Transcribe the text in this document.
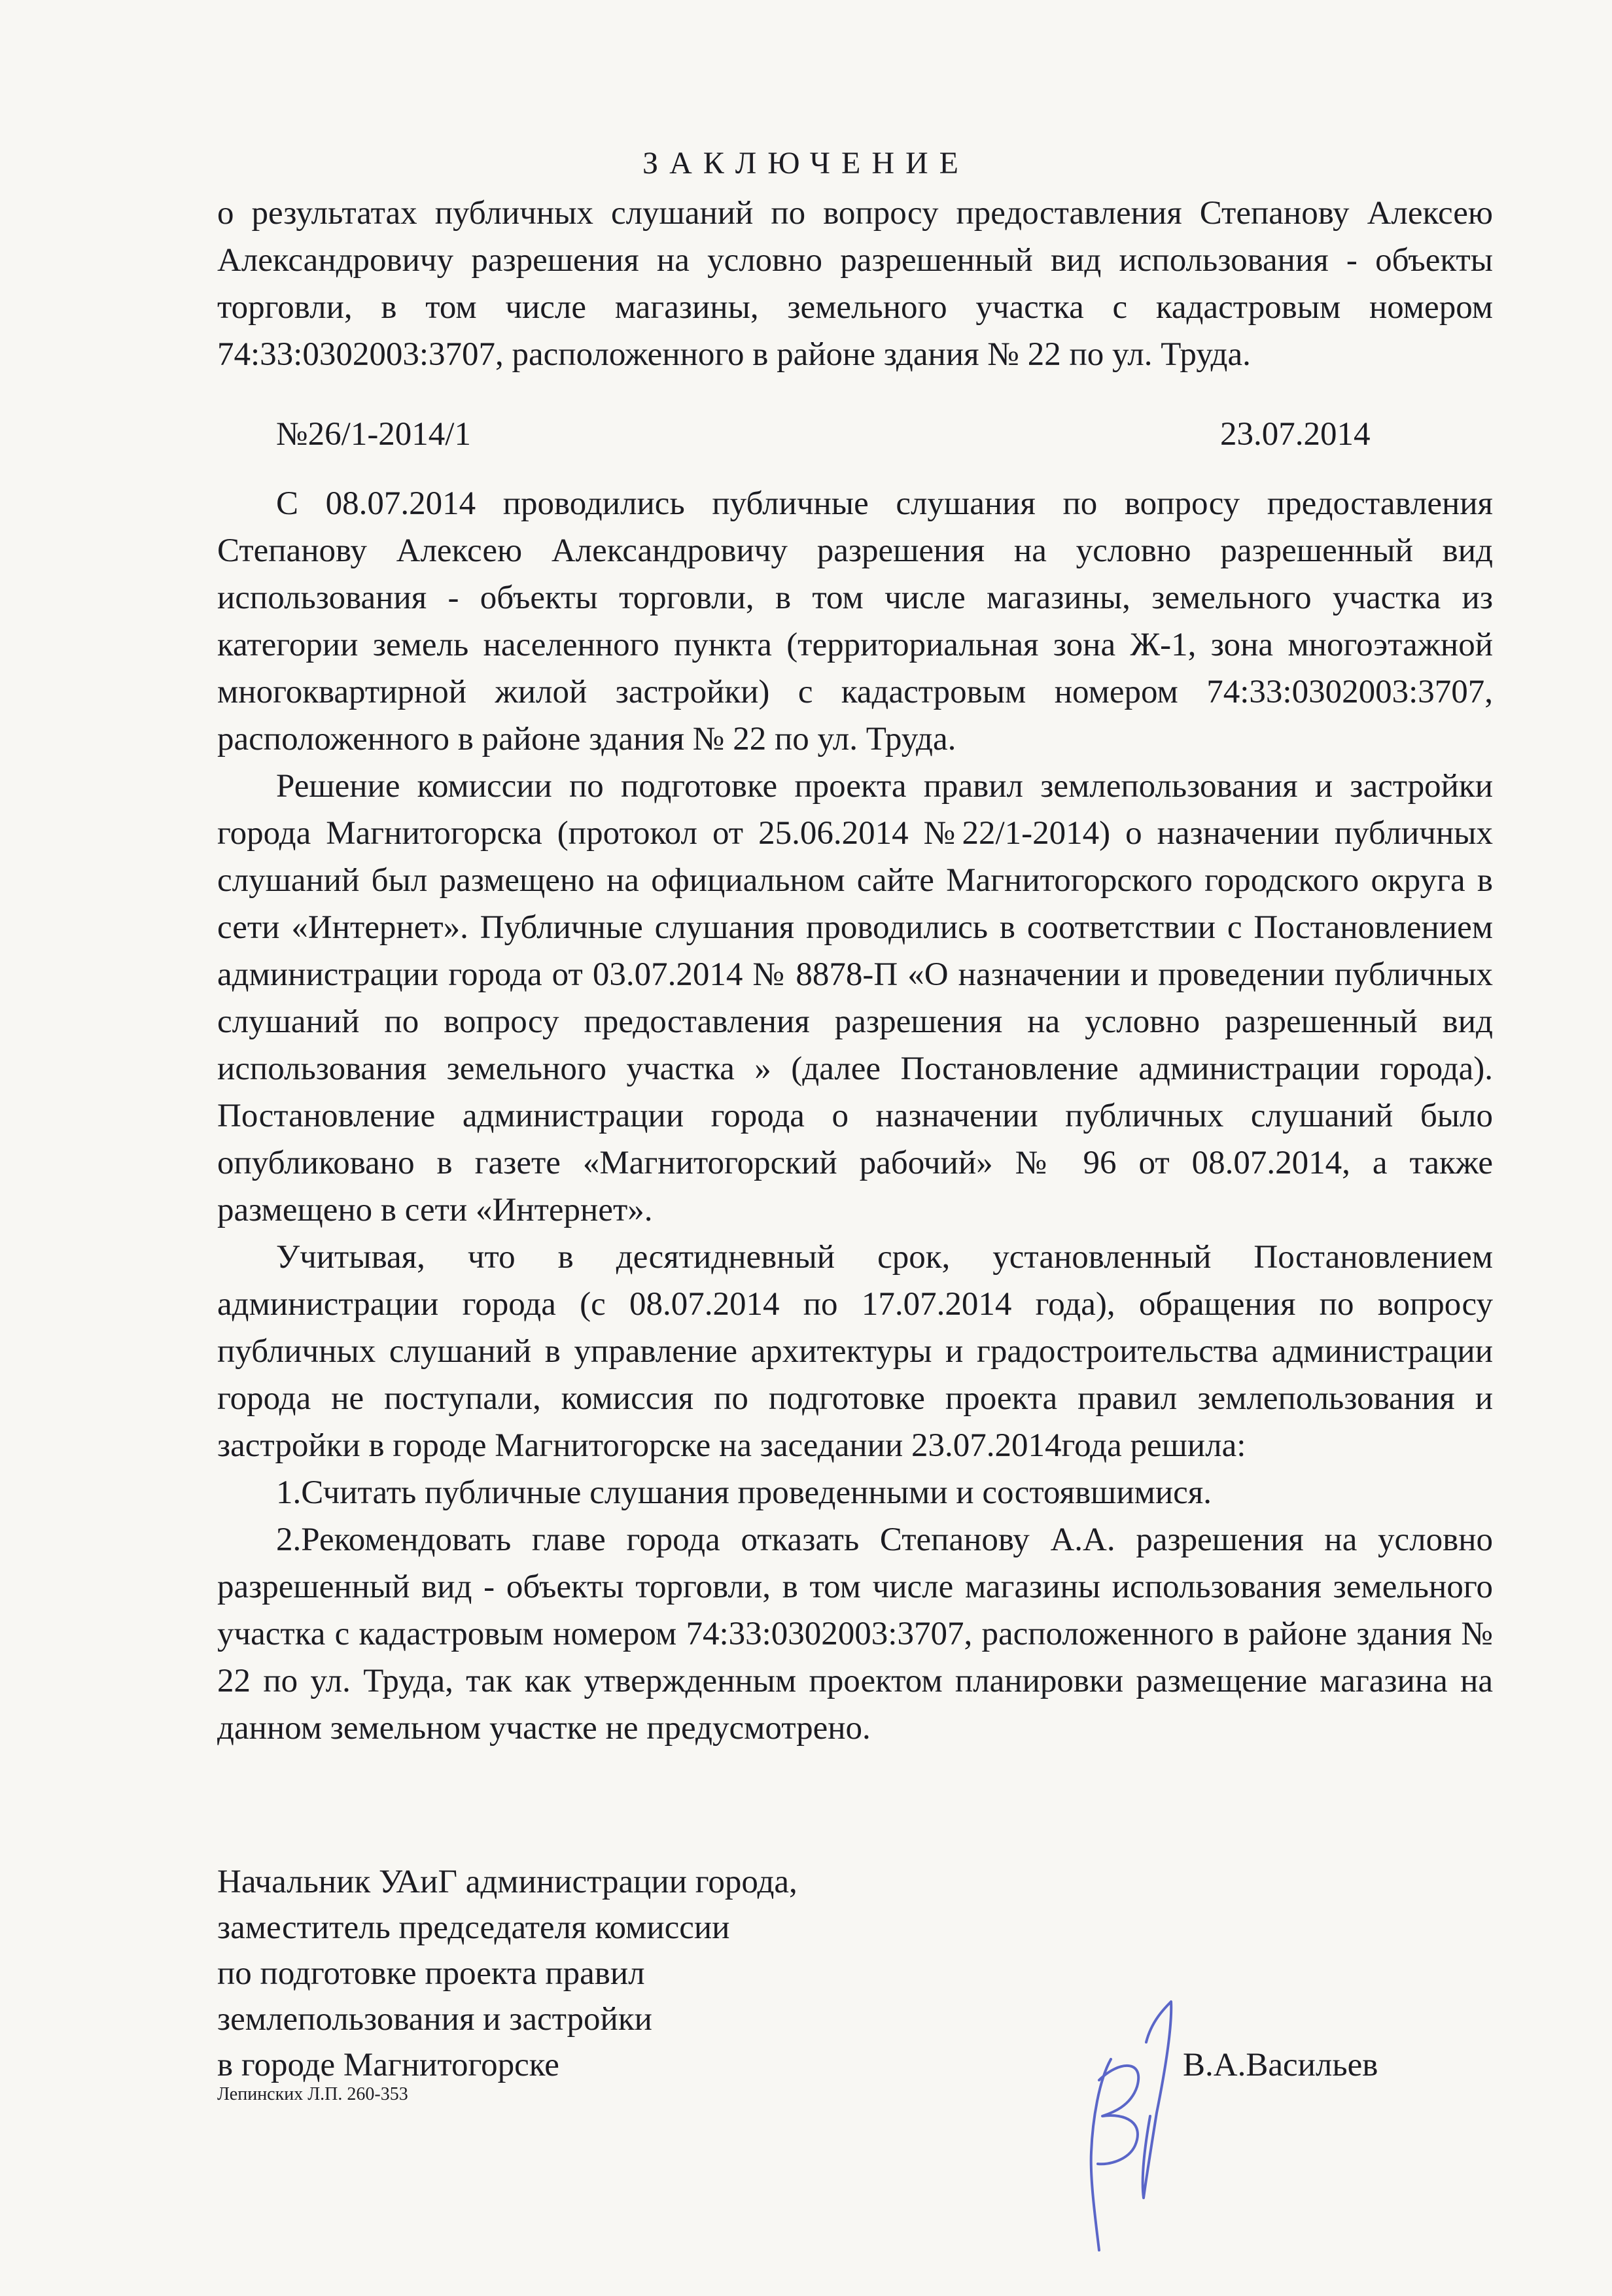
ЗАКЛЮЧЕНИЕ
о результатах публичных слушаний по вопросу предоставления Степанову Алексею Александровичу разрешения на условно разрешенный вид использования - объекты торговли, в том числе магазины, земельного участка с кадастровым номером 74:33:0302003:3707, расположенного в районе здания № 22 по ул. Труда.
№26/1-2014/1	23.07.2014

С 08.07.2014 проводились публичные слушания по вопросу предоставления Степанову Алексею Александровичу разрешения на условно разрешенный вид использования - объекты торговли, в том числе магазины, земельного участка из категории земель населенного пункта (территориальная зона Ж-1, зона многоэтажной многоквартирной жилой застройки) с кадастровым номером 74:33:0302003:3707, расположенного в районе здания № 22 по ул. Труда.

Решение комиссии по подготовке проекта правил землепользования и застройки города Магнитогорска (протокол от 25.06.2014 №22/1-2014) о назначении публичных слушаний был размещено на официальном сайте Магнитогорского городского округа в сети «Интернет». Публичные слушания проводились в соответствии с Постановлением администрации города от 03.07.2014 № 8878-П «О назначении и проведении публичных слушаний по вопросу предоставления разрешения на условно разрешенный вид использования земельного участка » (далее Постановление администрации города). Постановление администрации города о назначении публичных слушаний было опубликовано в газете «Магнитогорский рабочий» № 96 от 08.07.2014, а также размещено в сети «Интернет».

Учитывая, что в десятидневный срок, установленный Постановлением администрации города (с 08.07.2014 по 17.07.2014 года), обращения по вопросу публичных слушаний в управление архитектуры и градостроительства администрации города не поступали, комиссия по подготовке проекта правил землепользования и застройки в городе Магнитогорске на заседании 23.07.2014года решила:

1.Считать публичные слушания проведенными и состоявшимися.

2.Рекомендовать главе города отказать Степанову А.А. разрешения на условно разрешенный вид - объекты торговли, в том числе магазины использования земельного участка с кадастровым номером 74:33:0302003:3707, расположенного в районе здания № 22 по ул. Труда, так как утвержденным проектом планировки размещение магазина на данном земельном участке не предусмотрено.

Начальник УАиГ администрации города,
заместитель председателя комиссии
по подготовке проекта правил
землепользования и застройки
в городе Магнитогорске
Лепинских Л.П. 260-353
В.А.Васильев
